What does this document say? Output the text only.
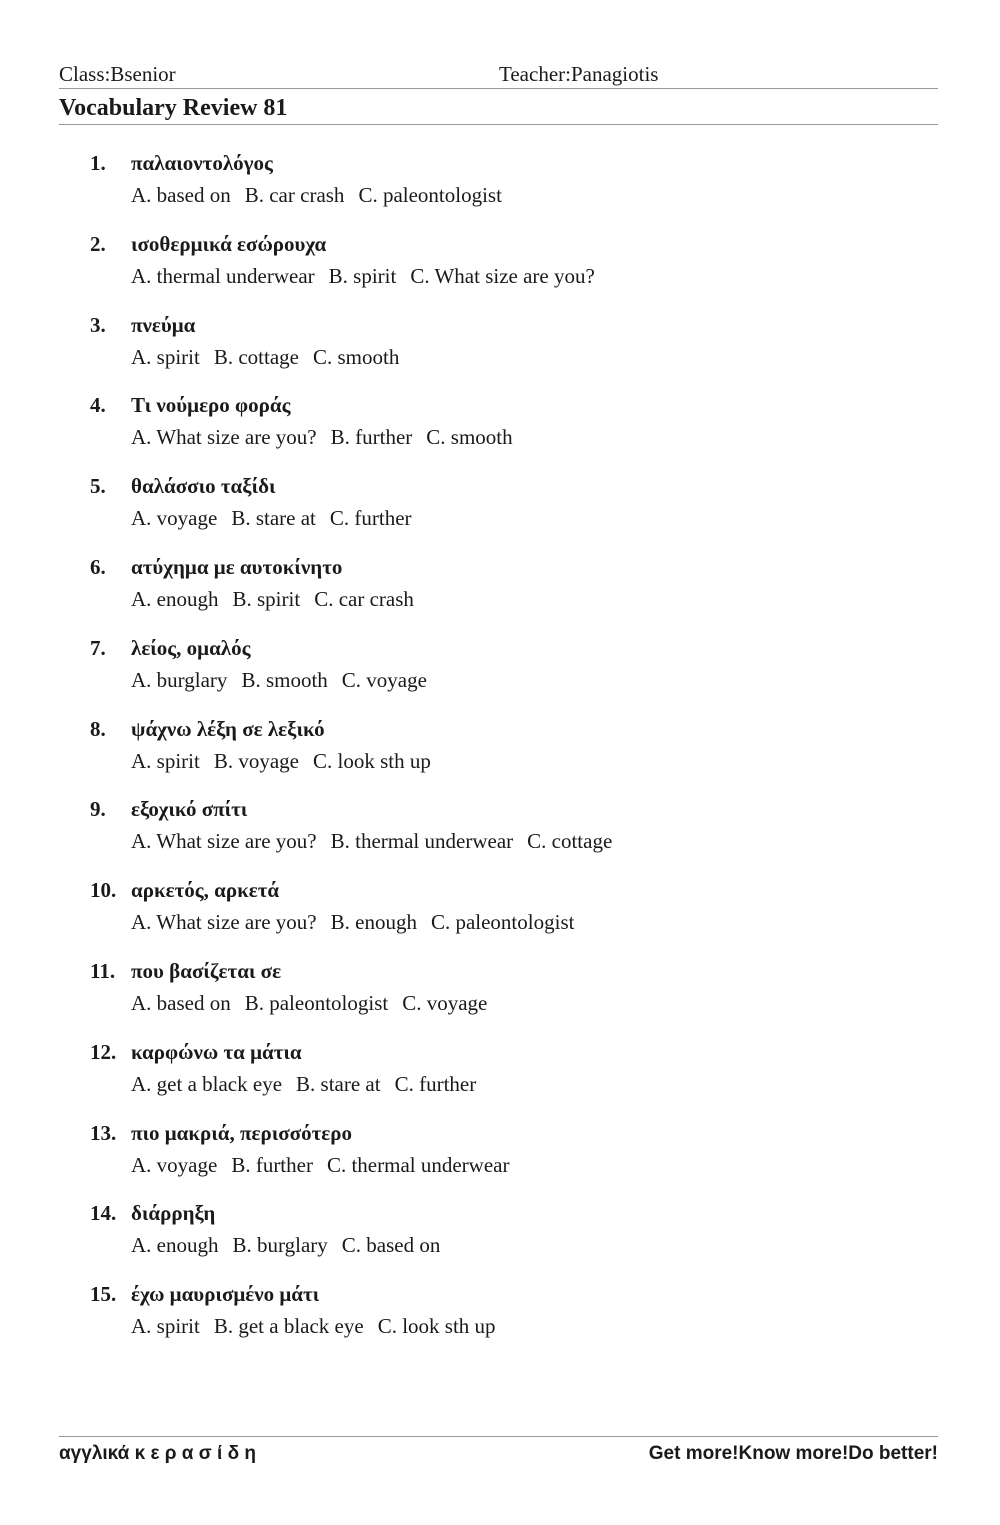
Class:Bsenior	Teacher:Panagiotis
Vocabulary Review 81
1. παλαιοντολόγος
A. based on B. car crash C. paleontologist
2. ισοθερμικά εσώρουχα
A. thermal underwear B. spirit C. What size are you?
3. πνεύμα
A. spirit B. cottage C. smooth
4. Τι νούμερο φοράς
A. What size are you? B. further C. smooth
5. θαλάσσιο ταξίδι
A. voyage B. stare at C. further
6. ατύχημα με αυτοκίνητο
A. enough B. spirit C. car crash
7. λείος, ομαλός
A. burglary B. smooth C. voyage
8. ψάχνω λέξη σε λεξικό
A. spirit B. voyage C. look sth up
9. εξοχικό σπίτι
A. What size are you? B. thermal underwear C. cottage
10. αρκετός, αρκετά
A. What size are you? B. enough C. paleontologist
11. που βασίζεται σε
A. based on B. paleontologist C. voyage
12. καρφώνω τα μάτια
A. get a black eye B. stare at C. further
13. πιο μακριά, περισσότερο
A. voyage B. further C. thermal underwear
14. διάρρηξη
A. enough B. burglary C. based on
15. έχω μαυρισμένο μάτι
A. spirit B. get a black eye C. look sth up
αγγλικά κ ε ρ α σ ί δ η	Get more!Know more!Do better!
